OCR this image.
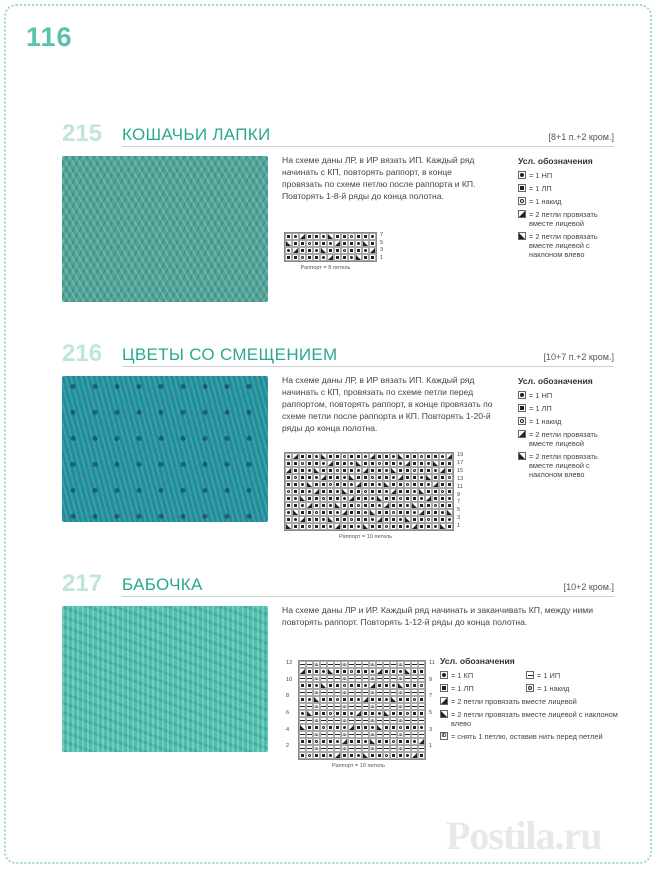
116
215 КОШАЧЬИ ЛАПКИ	[8+1 п.+2 кром.]

На схеме даны ЛР, в ИР вязать ИП. Каждый ряд начинать с КП, повторять раппорт, в конце провязать по схеме петлю после раппорта и КП. Повторять 1-8-й ряды до конца полотна.

7
5
3
1
Раппорт = 8 петель
Усл. обозначения
= 1 НП
= 1 ЛП
= 1 накид
= 2 петли провязать вместе лицевой
= 2 петли провязать вместе лицевой с наклоном влево
216 ЦВЕТЫ СО СМЕЩЕНИЕМ	[10+7 п.+2 кром.]

На схеме даны ЛР, в ИР вязать ИП. Каждый ряд начинать с КП, провязать по схеме петли перед раппортом, повторять раппорт, в конце провязать по схеме петли после раппорта и КП. Повторять 1-20-й ряды до конца полотна.

19
17
15
13
11
9
7
5
3
1
Раппорт = 10 петель
Усл. обозначения
= 1 НП
= 1 ЛП
= 1 накид
= 2 петли провязать вместе лицевой
= 2 петли провязать вместе лицевой с наклоном влево
217 БАБОЧКА	[10+2 кром.]

На схеме даны ЛР и ИР. Каждый ряд начинать и заканчивать КП, между ними повторять раппорт. Повторять 1-12-й ряды до конца полотна.

ID	ID	ID	ID
ID	ID	ID	ID
ID	ID	ID	ID
ID	ID	ID	ID
ID	ID	ID	ID
ID	ID	ID	ID
ID	ID	ID	ID
11
9
7
5
3
1
12
10
8
6
4
2
Раппорт = 10 петель
Усл. обозначения
= 1 КП	= 1 ИП
= 1 ЛП	= 1 накид
= 2 петли провязать вместе лицевой
= 2 петли провязать вместе лицевой с наклоном влево
ID = снять 1 петлю, оставив нить перед петлей
Postila.ru
